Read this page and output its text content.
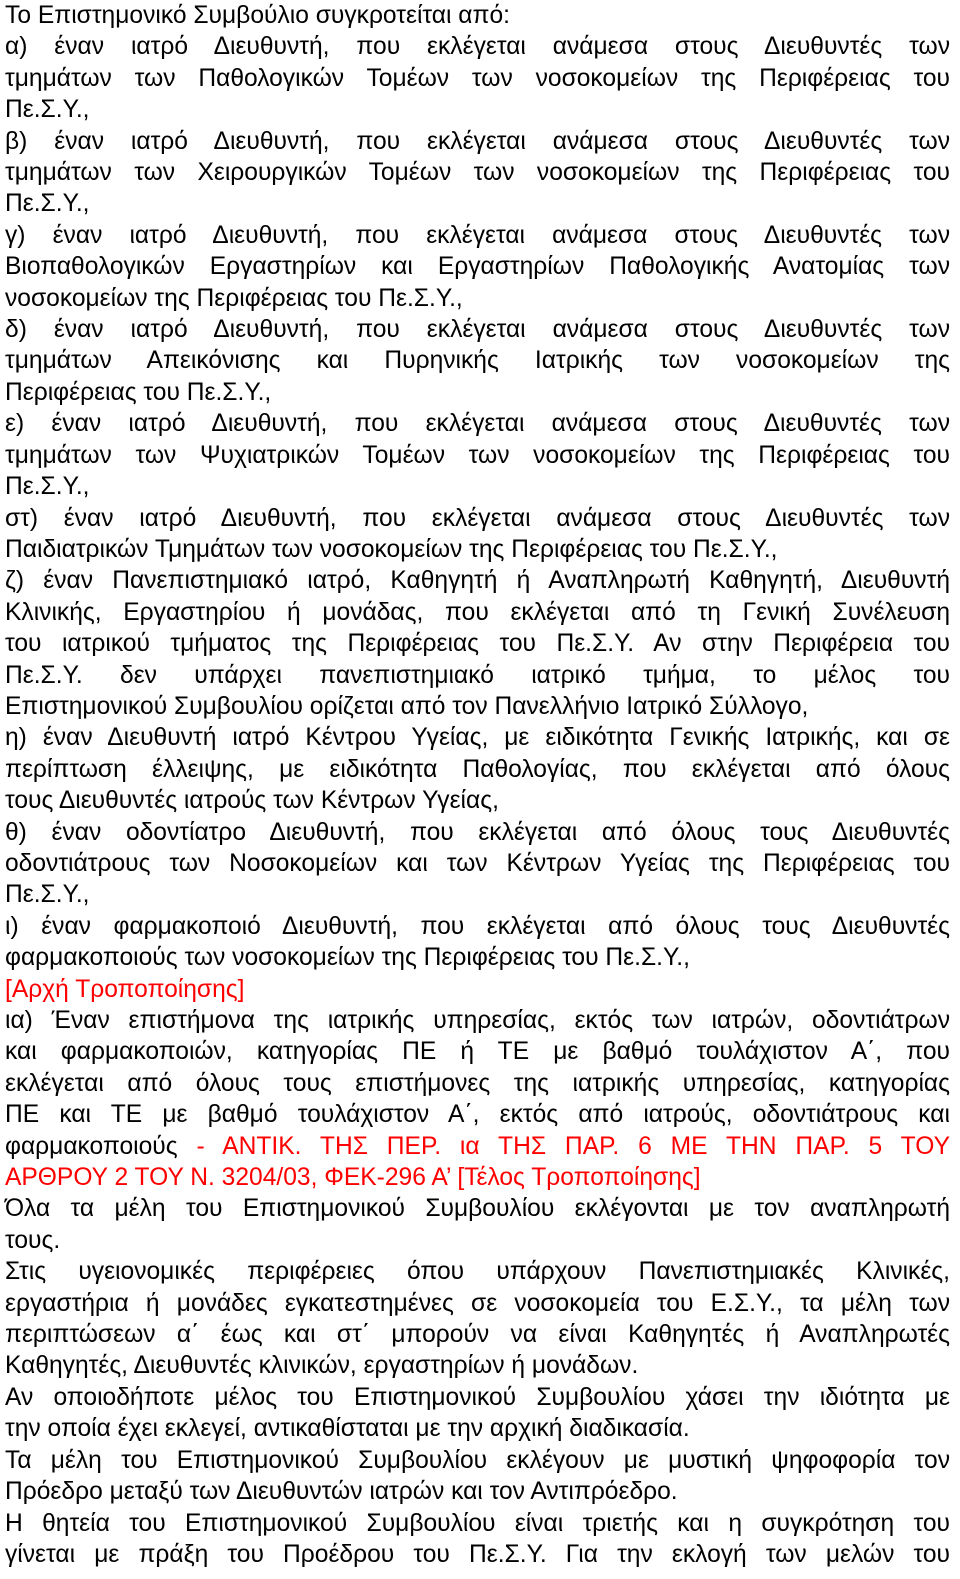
Το Επιστημονικό Συμβούλιο συγκροτείται από:

α) έναν ιατρό Διευθυντή, που εκλέγεται ανάμεσα στους Διευθυντές των
τμημάτων των Παθολογικών Τομέων των νοσοκομείων της Περιφέρειας του
Πε.Σ.Υ.,

β) έναν ιατρό Διευθυντή, που εκλέγεται ανάμεσα στους Διευθυντές των
τμημάτων των Χειρουργικών Τομέων των νοσοκομείων της Περιφέρειας του
Πε.Σ.Υ.,

γ) έναν ιατρό Διευθυντή, που εκλέγεται ανάμεσα στους Διευθυντές των
Βιοπαθολογικών Εργαστηρίων και Εργαστηρίων Παθολογικής Ανατομίας των
νοσοκομείων της Περιφέρειας του Πε.Σ.Υ.,

δ) έναν ιατρό Διευθυντή, που εκλέγεται ανάμεσα στους Διευθυντές των
τμημάτων Απεικόνισης και Πυρηνικής Ιατρικής των νοσοκομείων της
Περιφέρειας του Πε.Σ.Υ.,

ε) έναν ιατρό Διευθυντή, που εκλέγεται ανάμεσα στους Διευθυντές των
τμημάτων των Ψυχιατρικών Τομέων των νοσοκομείων της Περιφέρειας του
Πε.Σ.Υ.,

στ) έναν ιατρό Διευθυντή, που εκλέγεται ανάμεσα στους Διευθυντές των
Παιδιατρικών Τμημάτων των νοσοκομείων της Περιφέρειας του Πε.Σ.Υ.,

ζ) έναν Πανεπιστημιακό ιατρό, Καθηγητή ή Αναπληρωτή Καθηγητή, Διευθυντή
Κλινικής, Εργαστηρίου ή μονάδας, που εκλέγεται από τη Γενική Συνέλευση
του ιατρικού τμήματος της Περιφέρειας του Πε.Σ.Υ. Αν στην Περιφέρεια του
Πε.Σ.Υ. δεν υπάρχει πανεπιστημιακό ιατρικό τμήμα, το μέλος του
Επιστημονικού Συμβουλίου ορίζεται από τον Πανελλήνιο Ιατρικό Σύλλογο,

η) έναν Διευθυντή ιατρό Κέντρου Υγείας, με ειδικότητα Γενικής Ιατρικής, και σε
περίπτωση έλλειψης, με ειδικότητα Παθολογίας, που εκλέγεται από όλους
τους Διευθυντές ιατρούς των Κέντρων Υγείας,

θ) έναν οδοντίατρο Διευθυντή, που εκλέγεται από όλους τους Διευθυντές
οδοντιάτρους των Νοσοκομείων και των Κέντρων Υγείας της Περιφέρειας του
Πε.Σ.Υ.,

ι) έναν φαρμακοποιό Διευθυντή, που εκλέγεται από όλους τους Διευθυντές
φαρμακοποιούς των νοσοκομείων της Περιφέρειας του Πε.Σ.Υ.,

[Αρχή Τροποποίησης]

ια) Έναν επιστήμονα της ιατρικής υπηρεσίας, εκτός των ιατρών, οδοντιάτρων
και φαρμακοποιών, κατηγορίας ΠΕ ή ΤΕ με βαθμό τουλάχιστον Α΄, που
εκλέγεται από όλους τους επιστήμονες της ιατρικής υπηρεσίας, κατηγορίας
ΠΕ και ΤΕ με βαθμό τουλάχιστον Α΄, εκτός από ιατρούς, οδοντιάτρους και
φαρμακοποιούς - ΑΝΤΙΚ. ΤΗΣ ΠΕΡ. ια ΤΗΣ ΠΑΡ. 6 ΜΕ ΤΗΝ ΠΑΡ. 5 ΤΟΥ
ΑΡΘΡΟΥ 2 ΤΟΥ Ν. 3204/03, ΦΕΚ-296 Α’ [Τέλος Τροποποίησης]

Όλα τα μέλη του Επιστημονικού Συμβουλίου εκλέγονται με τον αναπληρωτή
τους.

Στις υγειονομικές περιφέρειες όπου υπάρχουν Πανεπιστημιακές Κλινικές,
εργαστήρια ή μονάδες εγκατεστημένες σε νοσοκομεία του Ε.Σ.Υ., τα μέλη των
περιπτώσεων α΄ έως και στ΄ μπορούν να είναι Καθηγητές ή Αναπληρωτές
Καθηγητές, Διευθυντές κλινικών, εργαστηρίων ή μονάδων.

Αν οποιοδήποτε μέλος του Επιστημονικού Συμβουλίου χάσει την ιδιότητα με
την οποία έχει εκλεγεί, αντικαθίσταται με την αρχική διαδικασία.

Τα μέλη του Επιστημονικού Συμβουλίου εκλέγουν με μυστική ψηφοφορία τον
Πρόεδρο μεταξύ των Διευθυντών ιατρών και τον Αντιπρόεδρο.

Η θητεία του Επιστημονικού Συμβουλίου είναι τριετής και η συγκρότηση του
γίνεται με πράξη του Προέδρου του Πε.Σ.Υ. Για την εκλογή των μελών του
